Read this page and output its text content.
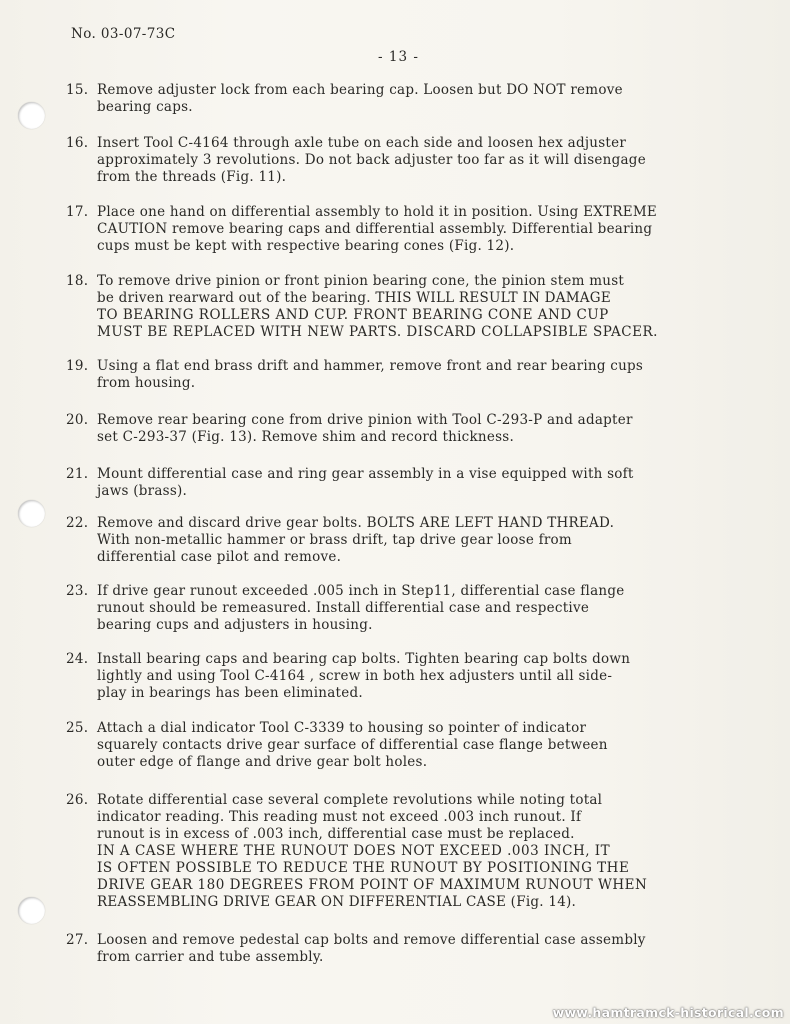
No. 03-07-73C
- 13 -
15. Remove adjuster lock from each bearing cap. Loosen but DO NOT remove
bearing caps.
16. Insert Tool C-4164 through axle tube on each side and loosen hex adjuster
approximately 3 revolutions. Do not back adjuster too far as it will disengage
from the threads (Fig. 11).
17. Place one hand on differential assembly to hold it in position. Using EXTREME
CAUTION remove bearing caps and differential assembly. Differential bearing
cups must be kept with respective bearing cones (Fig. 12).
18. To remove drive pinion or front pinion bearing cone, the pinion stem must
be driven rearward out of the bearing. THIS WILL RESULT IN DAMAGE
TO BEARING ROLLERS AND CUP. FRONT BEARING CONE AND CUP
MUST BE REPLACED WITH NEW PARTS. DISCARD COLLAPSIBLE SPACER.
19. Using a flat end brass drift and hammer, remove front and rear bearing cups
from housing.
20. Remove rear bearing cone from drive pinion with Tool C-293-P and adapter
set C-293-37 (Fig. 13). Remove shim and record thickness.
21. Mount differential case and ring gear assembly in a vise equipped with soft
jaws (brass).
22. Remove and discard drive gear bolts. BOLTS ARE LEFT HAND THREAD.
With non-metallic hammer or brass drift, tap drive gear loose from
differential case pilot and remove.
23. If drive gear runout exceeded .005 inch in Step11, differential case flange
runout should be remeasured. Install differential case and respective
bearing cups and adjusters in housing.
24. Install bearing caps and bearing cap bolts. Tighten bearing cap bolts down
lightly and using Tool C-4164 , screw in both hex adjusters until all side-
play in bearings has been eliminated.
25. Attach a dial indicator Tool C-3339 to housing so pointer of indicator
squarely contacts drive gear surface of differential case flange between
outer edge of flange and drive gear bolt holes.
26. Rotate differential case several complete revolutions while noting total
indicator reading. This reading must not exceed .003 inch runout. If
runout is in excess of .003 inch, differential case must be replaced.
IN A CASE WHERE THE RUNOUT DOES NOT EXCEED .003 INCH, IT
IS OFTEN POSSIBLE TO REDUCE THE RUNOUT BY POSITIONING THE
DRIVE GEAR 180 DEGREES FROM POINT OF MAXIMUM RUNOUT WHEN
REASSEMBLING DRIVE GEAR ON DIFFERENTIAL CASE (Fig. 14).
27. Loosen and remove pedestal cap bolts and remove differential case assembly
from carrier and tube assembly.
www.hamtramck-historical.com
